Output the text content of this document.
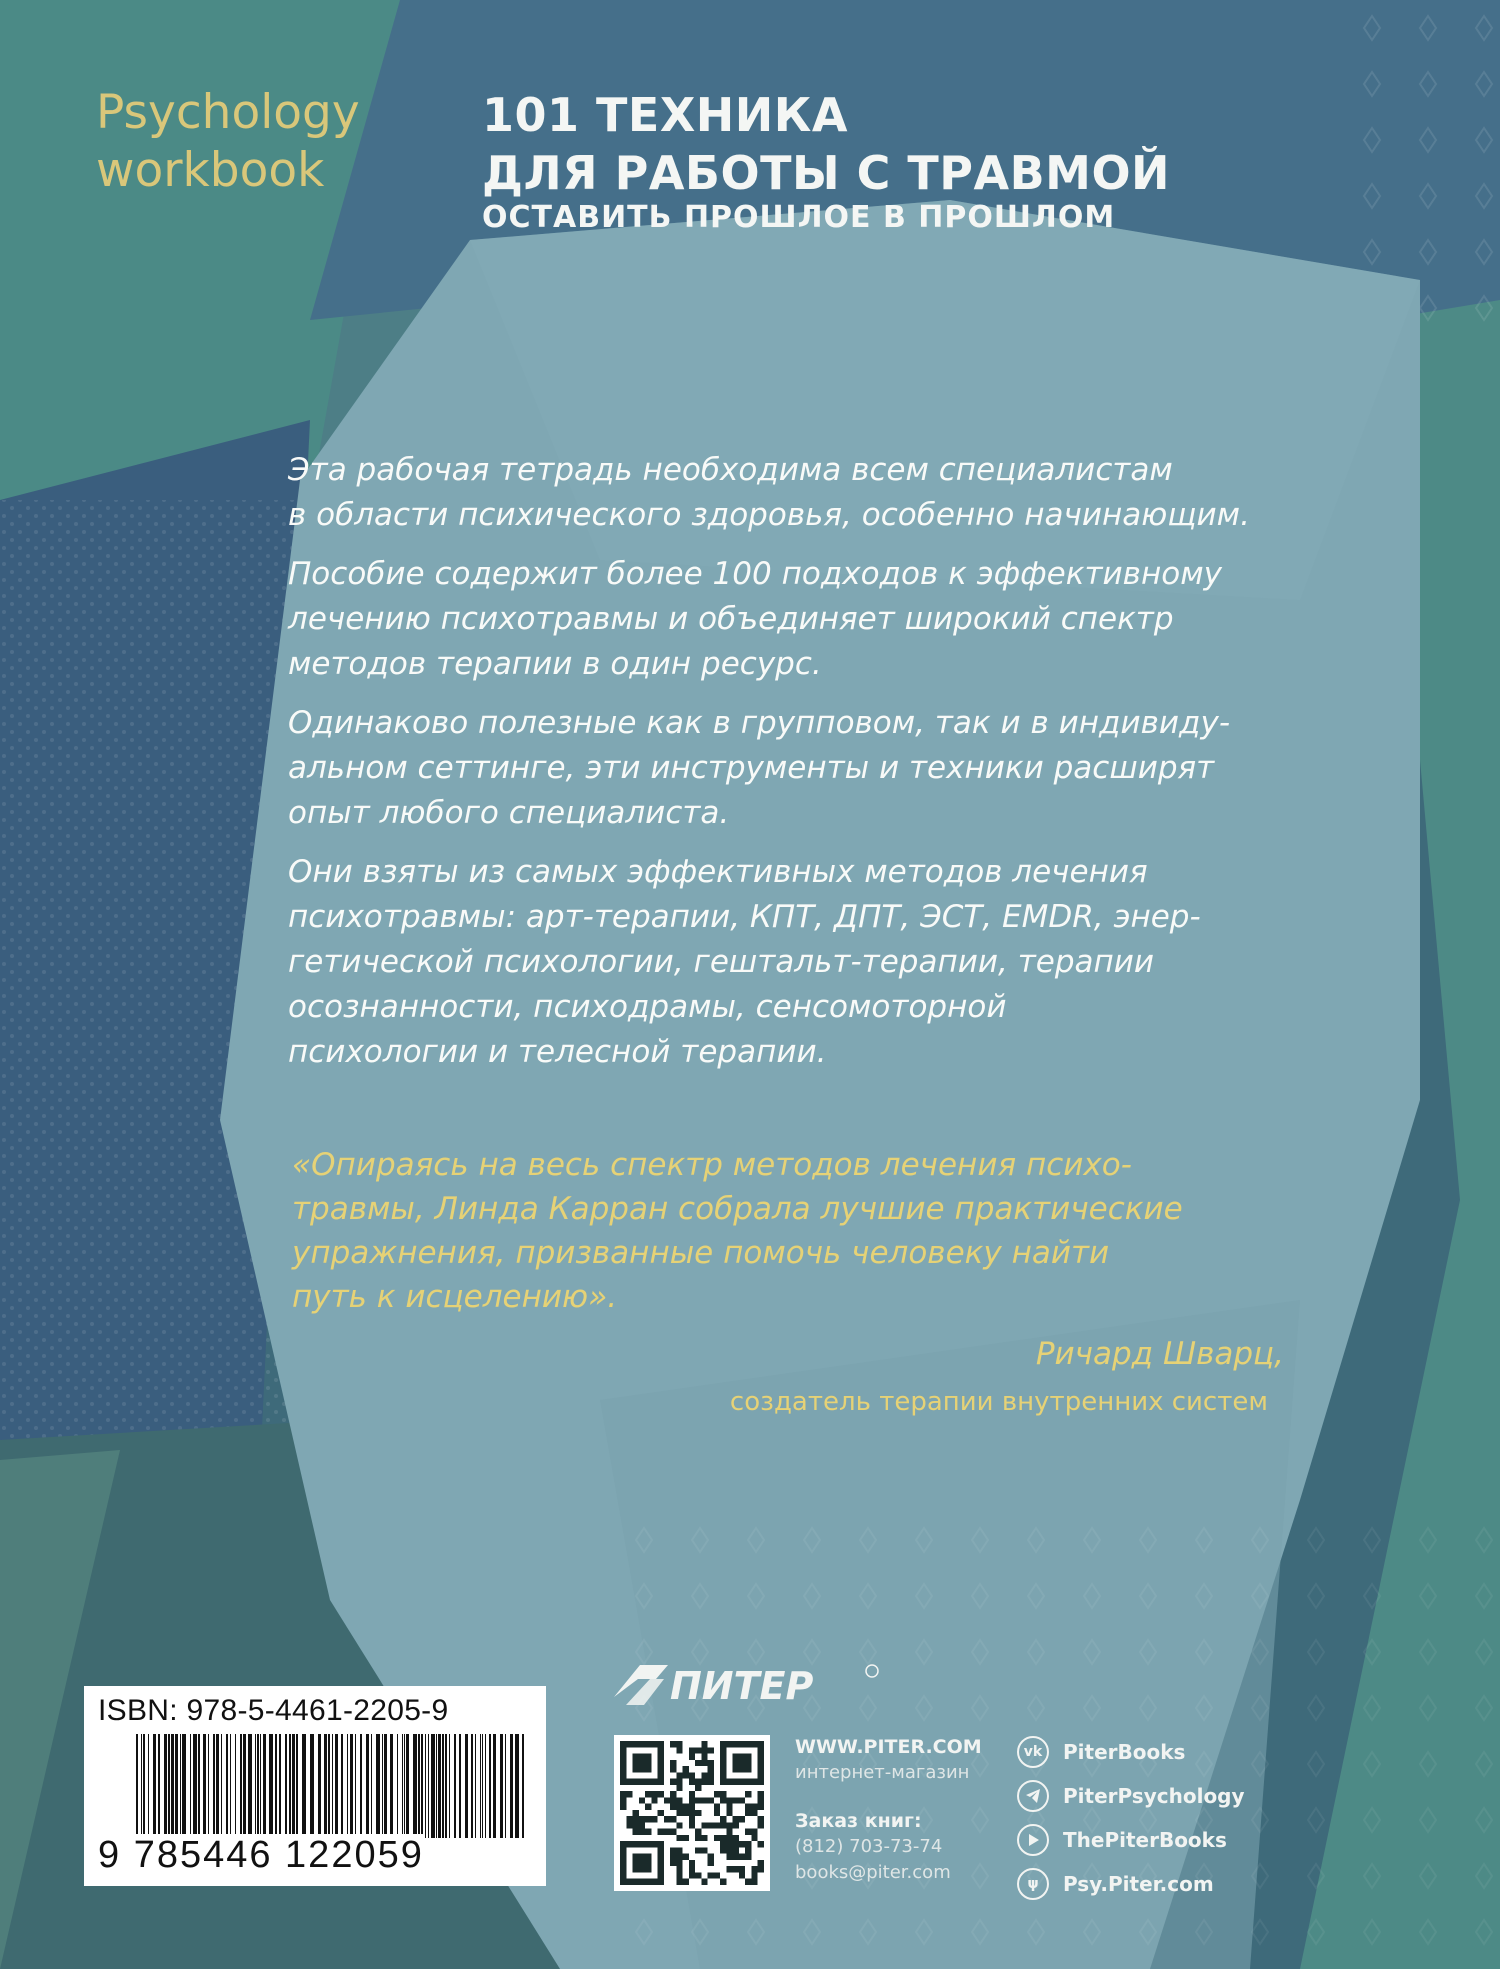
Psychology
workbook
101 ТЕХНИКА
ДЛЯ РАБОТЫ С ТРАВМОЙ
ОСТАВИТЬ ПРОШЛОЕ В ПРОШЛОМ

Эта рабочая тетрадь необходима всем специалистам
в области психического здоровья, особенно начинающим.

Пособие содержит более 100 подходов к эффективному
лечению психотравмы и объединяет широкий спектр
методов терапии в один ресурс.

Одинаково полезные как в групповом, так и в индивиду-
альном сеттинге, эти инструменты и техники расширят
опыт любого специалиста.

Они взяты из самых эффективных методов лечения
психотравмы: арт-терапии, КПТ, ДПТ, ЭСТ, EMDR, энер-
гетической психологии, гештальт-терапии, терапии
осознанности, психодрамы, сенсомоторной
психологии и телесной терапии.

«Опираясь на весь спектр методов лечения психо-
травмы, Линда Карран собрала лучшие практические
упражнения, призванные помочь человеку найти
путь к исцелению».
Ричард Шварц,
создатель терапии внутренних систем
ISBN: 978-5-4461-2205-9
9 785446 122059
ПИТЕР
WWW.PITER.COM
интернет-магазин
Заказ книг:
(812) 703-73-74
books@piter.com
vk	PiterBooks
PiterPsychology
ThePiterBooks
ψ	Psy.Piter.com
